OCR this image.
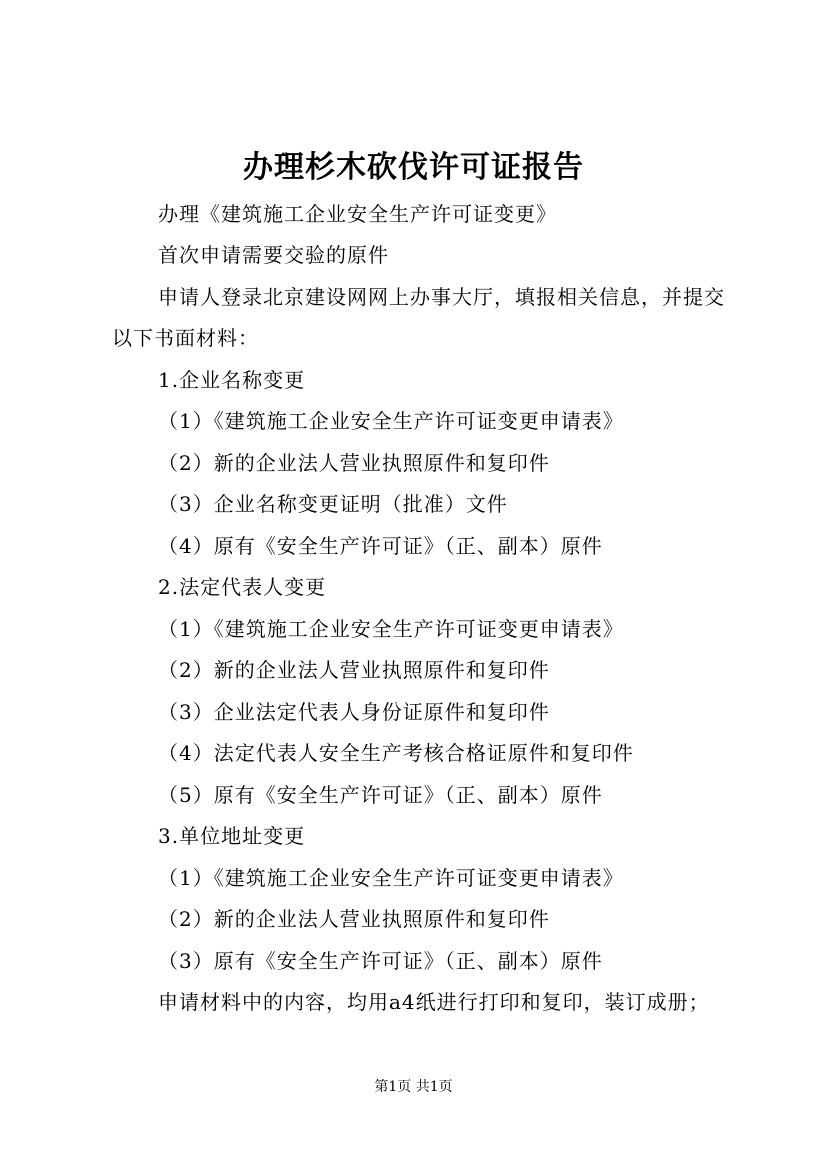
办理杉木砍伐许可证报告
办理《建筑施工企业安全生产许可证变更》
首次申请需要交验的原件
申请人登录北京建设网网上办事大厅，填报相关信息，并提交以下书面材料：
1.企业名称变更
（1）《建筑施工企业安全生产许可证变更申请表》
（2）新的企业法人营业执照原件和复印件
（3）企业名称变更证明（批准）文件
（4）原有《安全生产许可证》（正、副本）原件
2.法定代表人变更
（1）《建筑施工企业安全生产许可证变更申请表》
（2）新的企业法人营业执照原件和复印件
（3）企业法定代表人身份证原件和复印件
（4）法定代表人安全生产考核合格证原件和复印件
（5）原有《安全生产许可证》（正、副本）原件
3.单位地址变更
（1）《建筑施工企业安全生产许可证变更申请表》
（2）新的企业法人营业执照原件和复印件
（3）原有《安全生产许可证》（正、副本）原件
申请材料中的内容，均用a4纸进行打印和复印，装订成册；
第1页 共1页
